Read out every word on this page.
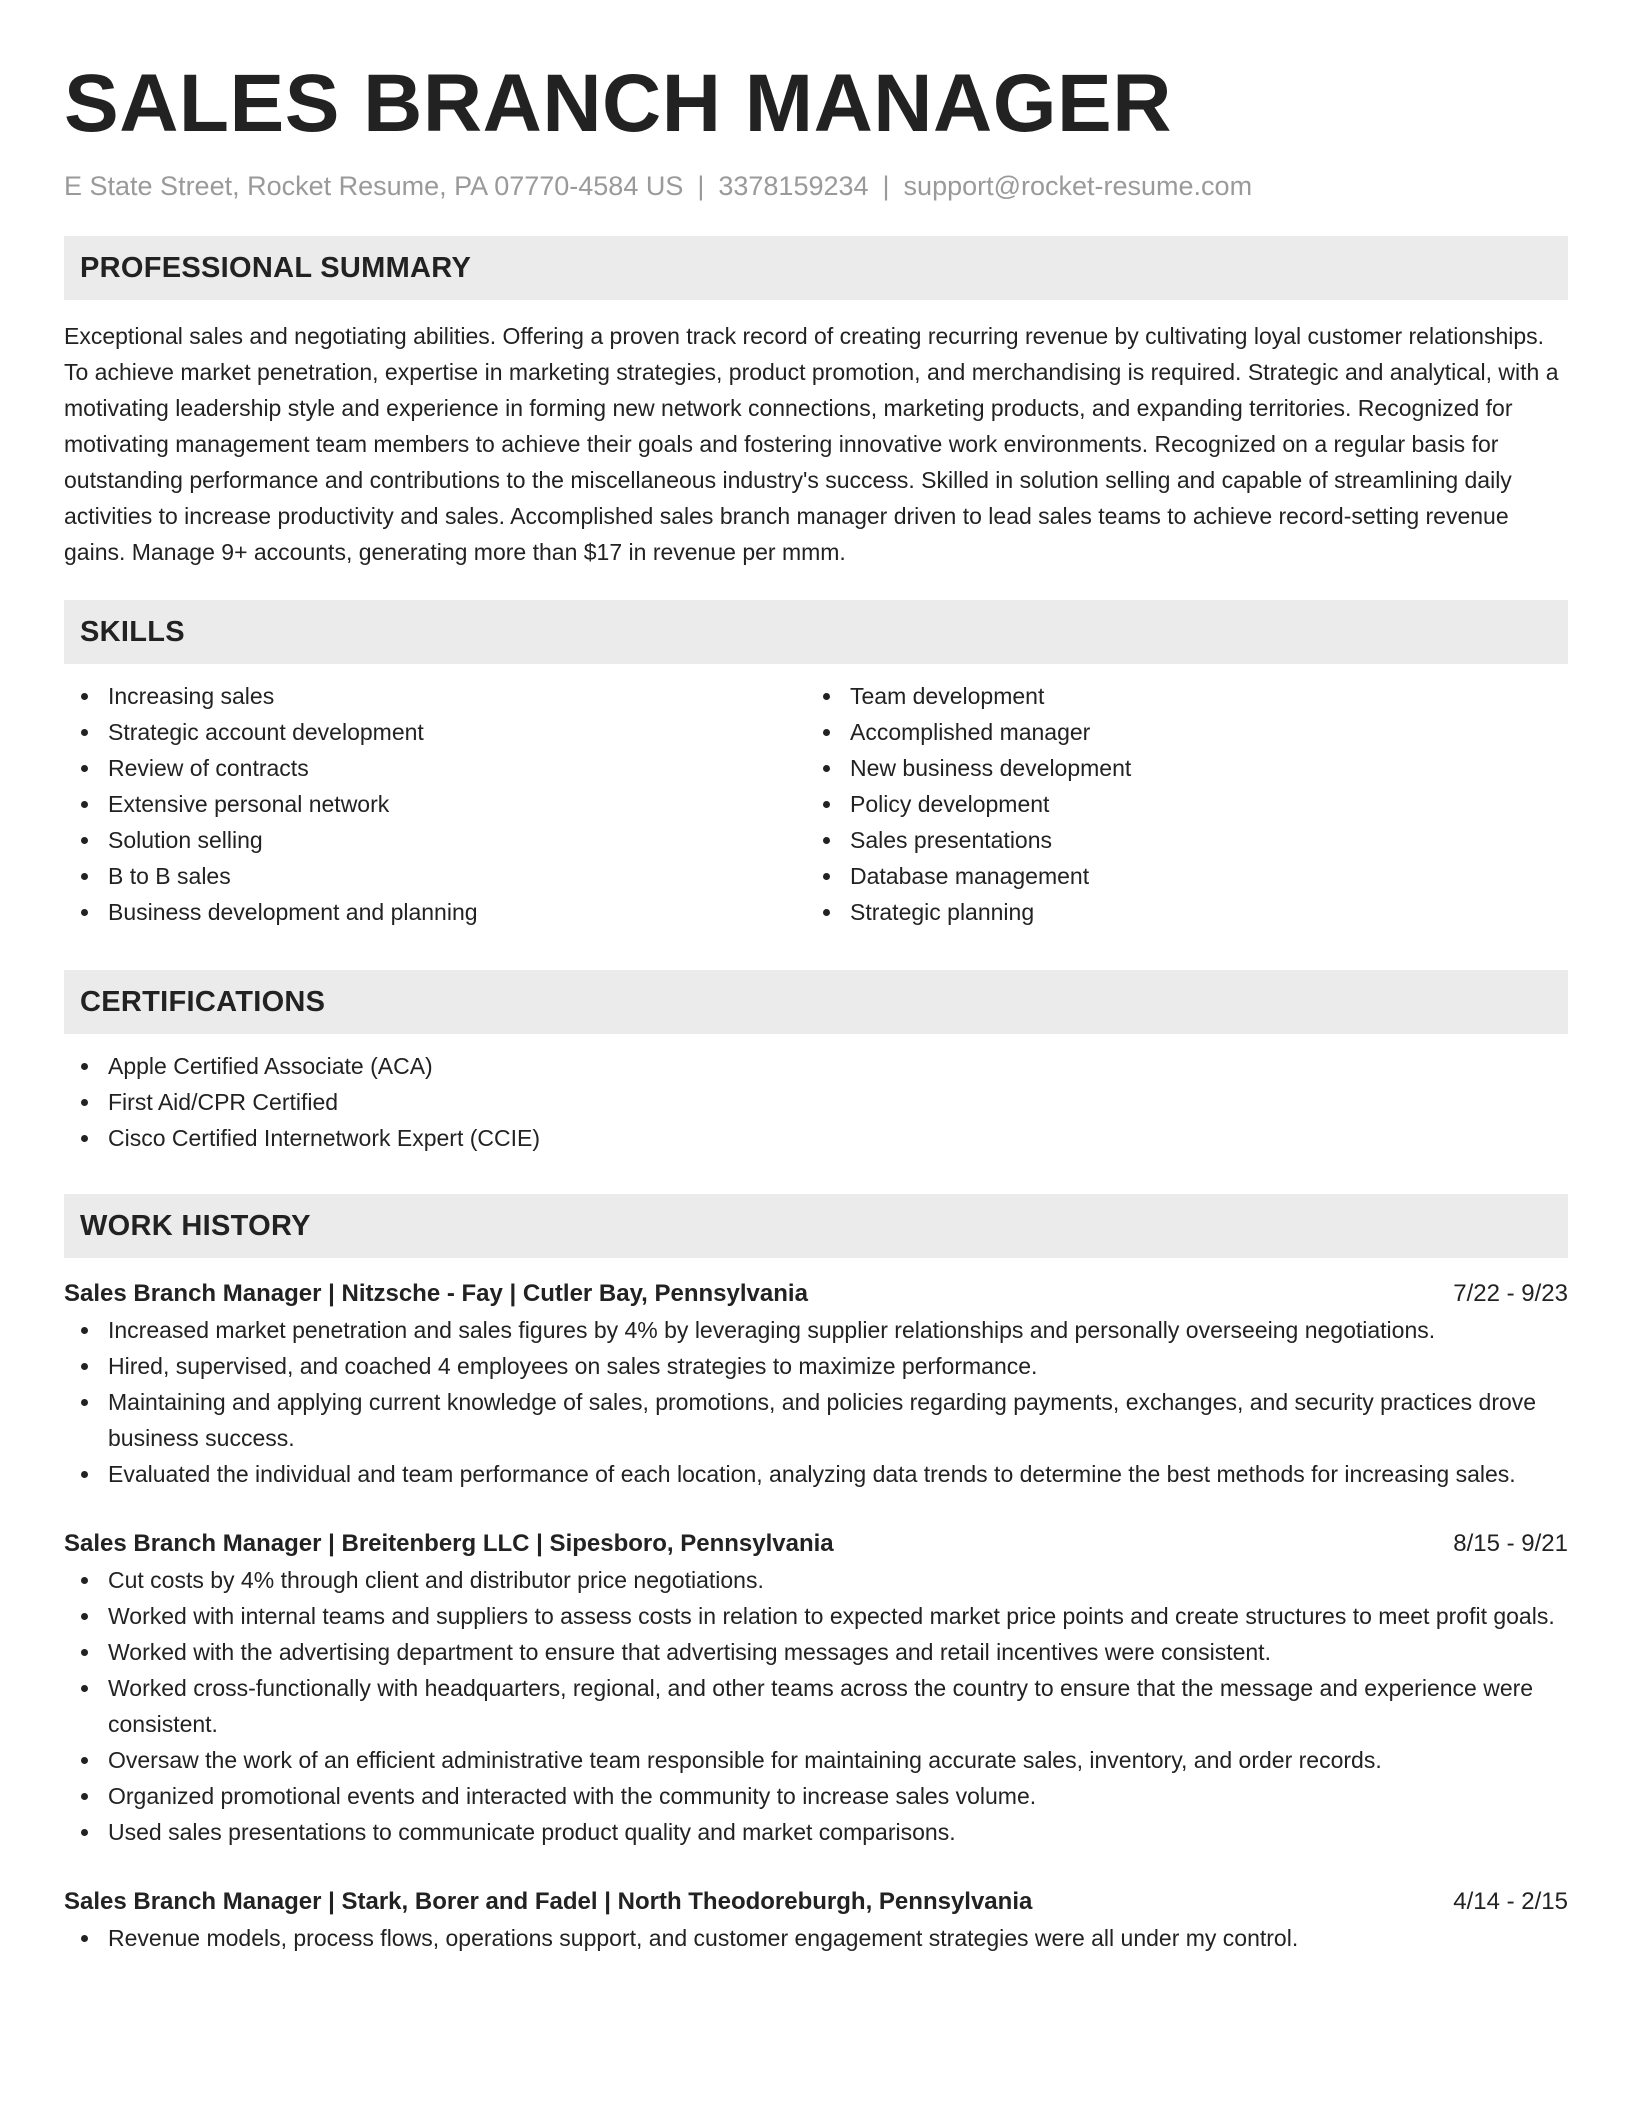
SALES BRANCH MANAGER
E State Street, Rocket Resume, PA 07770-4584 US | 3378159234 | support@rocket-resume.com
PROFESSIONAL SUMMARY
Exceptional sales and negotiating abilities. Offering a proven track record of creating recurring revenue by cultivating loyal customer relationships. To achieve market penetration, expertise in marketing strategies, product promotion, and merchandising is required. Strategic and analytical, with a motivating leadership style and experience in forming new network connections, marketing products, and expanding territories. Recognized for motivating management team members to achieve their goals and fostering innovative work environments. Recognized on a regular basis for outstanding performance and contributions to the miscellaneous industry's success. Skilled in solution selling and capable of streamlining daily activities to increase productivity and sales. Accomplished sales branch manager driven to lead sales teams to achieve record-setting revenue gains. Manage 9+ accounts, generating more than $17 in revenue per mmm.
SKILLS
Increasing sales
Strategic account development
Review of contracts
Extensive personal network
Solution selling
B to B sales
Business development and planning
Team development
Accomplished manager
New business development
Policy development
Sales presentations
Database management
Strategic planning
CERTIFICATIONS
Apple Certified Associate (ACA)
First Aid/CPR Certified
Cisco Certified Internetwork Expert (CCIE)
WORK HISTORY
Sales Branch Manager | Nitzsche - Fay | Cutler Bay, Pennsylvania	7/22 - 9/23
Increased market penetration and sales figures by 4% by leveraging supplier relationships and personally overseeing negotiations.
Hired, supervised, and coached 4 employees on sales strategies to maximize performance.
Maintaining and applying current knowledge of sales, promotions, and policies regarding payments, exchanges, and security practices drove business success.
Evaluated the individual and team performance of each location, analyzing data trends to determine the best methods for increasing sales.
Sales Branch Manager | Breitenberg LLC | Sipesboro, Pennsylvania	8/15 - 9/21
Cut costs by 4% through client and distributor price negotiations.
Worked with internal teams and suppliers to assess costs in relation to expected market price points and create structures to meet profit goals.
Worked with the advertising department to ensure that advertising messages and retail incentives were consistent.
Worked cross-functionally with headquarters, regional, and other teams across the country to ensure that the message and experience were consistent.
Oversaw the work of an efficient administrative team responsible for maintaining accurate sales, inventory, and order records.
Organized promotional events and interacted with the community to increase sales volume.
Used sales presentations to communicate product quality and market comparisons.
Sales Branch Manager | Stark, Borer and Fadel | North Theodoreburgh, Pennsylvania	4/14 - 2/15
Revenue models, process flows, operations support, and customer engagement strategies were all under my control.
